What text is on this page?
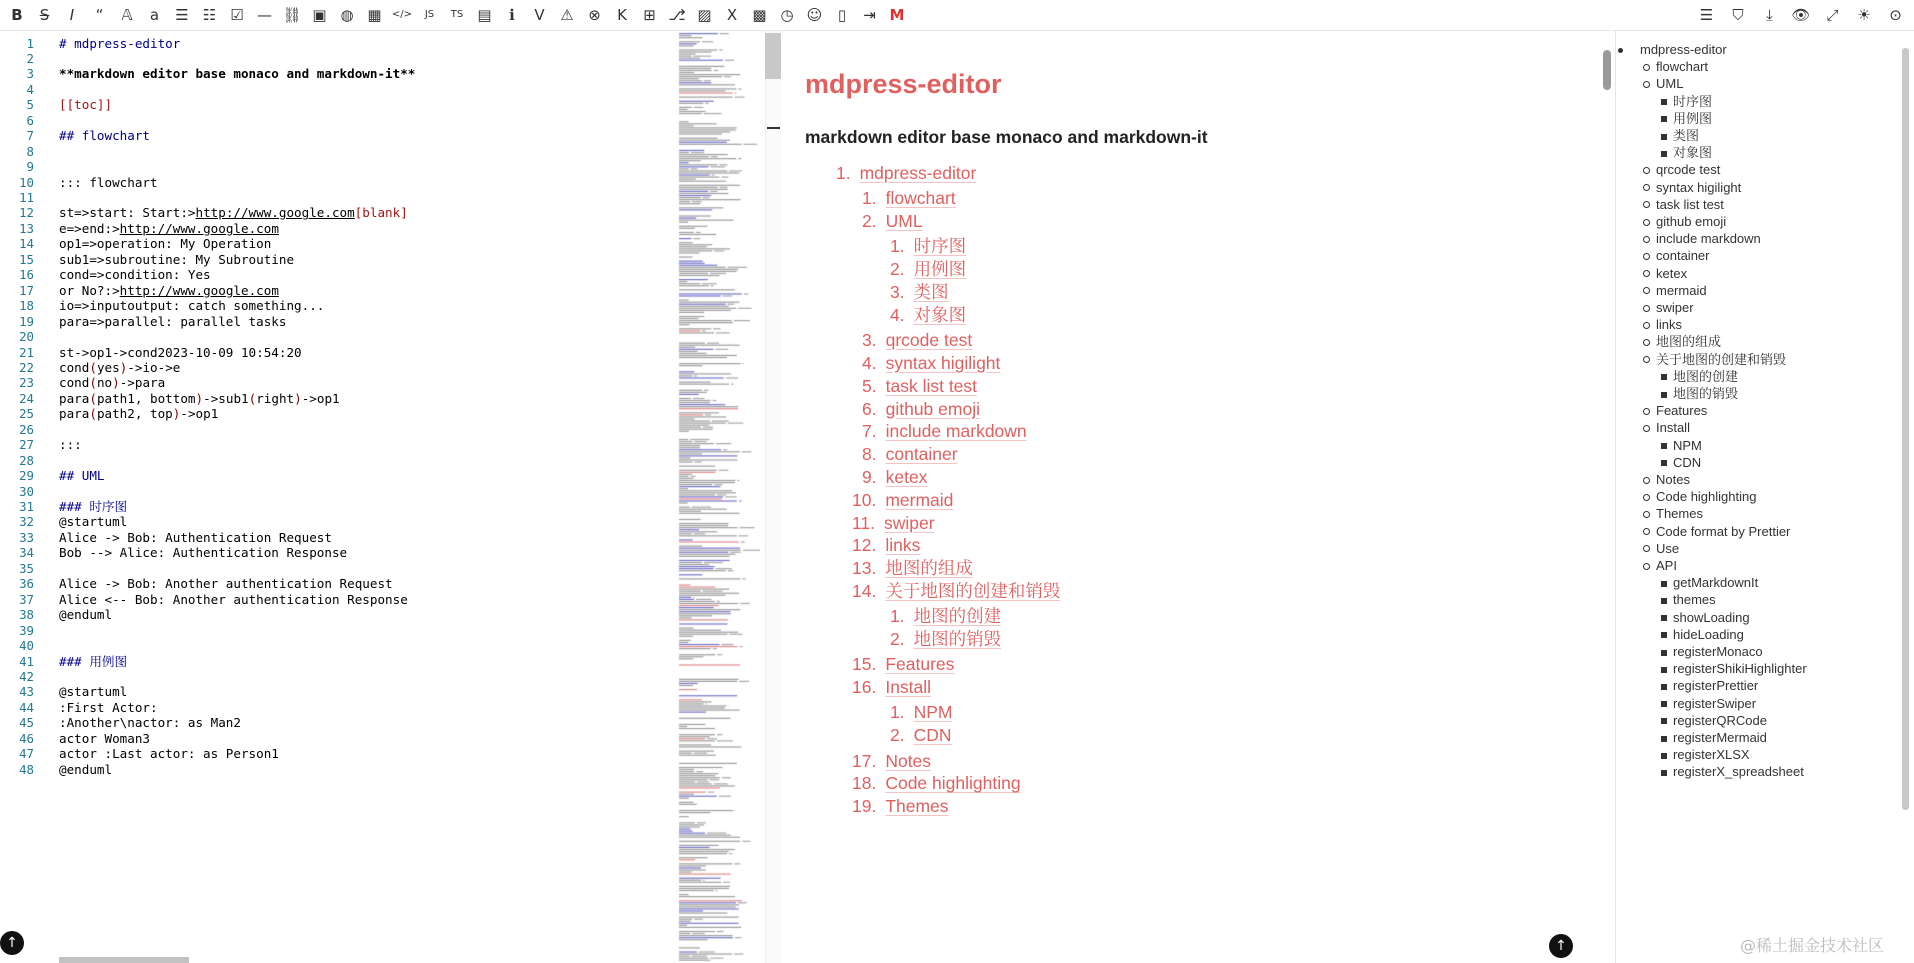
B	S	I	“	𝔸	a	☰ ☷ ☑ — ⛓ ▣ ◍ ▦	</>	JS	TS ▤	ℹ	V	⚠ ⊗	K	⊞ ⎇ ▨	X	▩ ◷ ☺	▯	⇥ M	☰	⛉	⤓	👁	⤢	☀	⊙
1 # mdpress-editor
2
3 **markdown editor base monaco and markdown-it**
4
5 [[toc]]
6
7 ## flowchart
8
9
10 ::: flowchart
11
12 st=>start: Start:>http://www.google.com[blank]
13 e=>end:>http://www.google.com
14 op1=>operation: My Operation
15 sub1=>subroutine: My Subroutine
16 cond=>condition: Yes
17 or No?:>http://www.google.com
18 io=>inputoutput: catch something...
19 para=>parallel: parallel tasks
20
21 st->op1->cond2023-10-09 10:54:20
22 cond(yes)->io->e
23 cond(no)->para
24 para(path1, bottom)->sub1(right)->op1
25 para(path2, top)->op1
26
27 :::
28
29 ## UML
30
31 ### 时序图
32 @startuml
33 Alice -> Bob: Authentication Request
34 Bob --> Alice: Authentication Response
35
36 Alice -> Bob: Another authentication Request
37 Alice <-- Bob: Another authentication Response
38 @enduml
39
40
41 ### 用例图
42
43 @startuml
44 :First Actor:
45 :Another\nactor: as Man2
46 actor Woman3
47 actor :Last actor: as Person1
48 @enduml
mdpress-editor
markdown editor base monaco and markdown-it
1. mdpress-editor
1. flowchart
2. UML
1. 时序图
2. 用例图
3. 类图
4. 对象图
3. qrcode test
4. syntax higilight
5. task list test
6. github emoji
7. include markdown
8. container
9. ketex
10. mermaid
11. swiper
12. links
13. 地图的组成
14. 关于地图的创建和销毁
1. 地图的创建
2. 地图的销毁
15. Features
16. Install
1. NPM
2. CDN
17. Notes
18. Code highlighting
19. Themes
mdpress-editor
flowchart
UML
时序图
用例图
类图
对象图
qrcode test
syntax higilight
task list test
github emoji
include markdown
container
ketex
mermaid
swiper
links
地图的组成
关于地图的创建和销毁
地图的创建
地图的销毁
Features
Install
NPM
CDN
Notes
Code highlighting
Themes
Code format by Prettier
Use
API
getMarkdownIt
themes
showLoading
hideLoading
registerMonaco
registerShikiHighlighter
registerPrettier
registerSwiper
registerQRCode
registerMermaid
registerXLSX
registerX_spreadsheet
↑	↑	@稀土掘金技术社区
